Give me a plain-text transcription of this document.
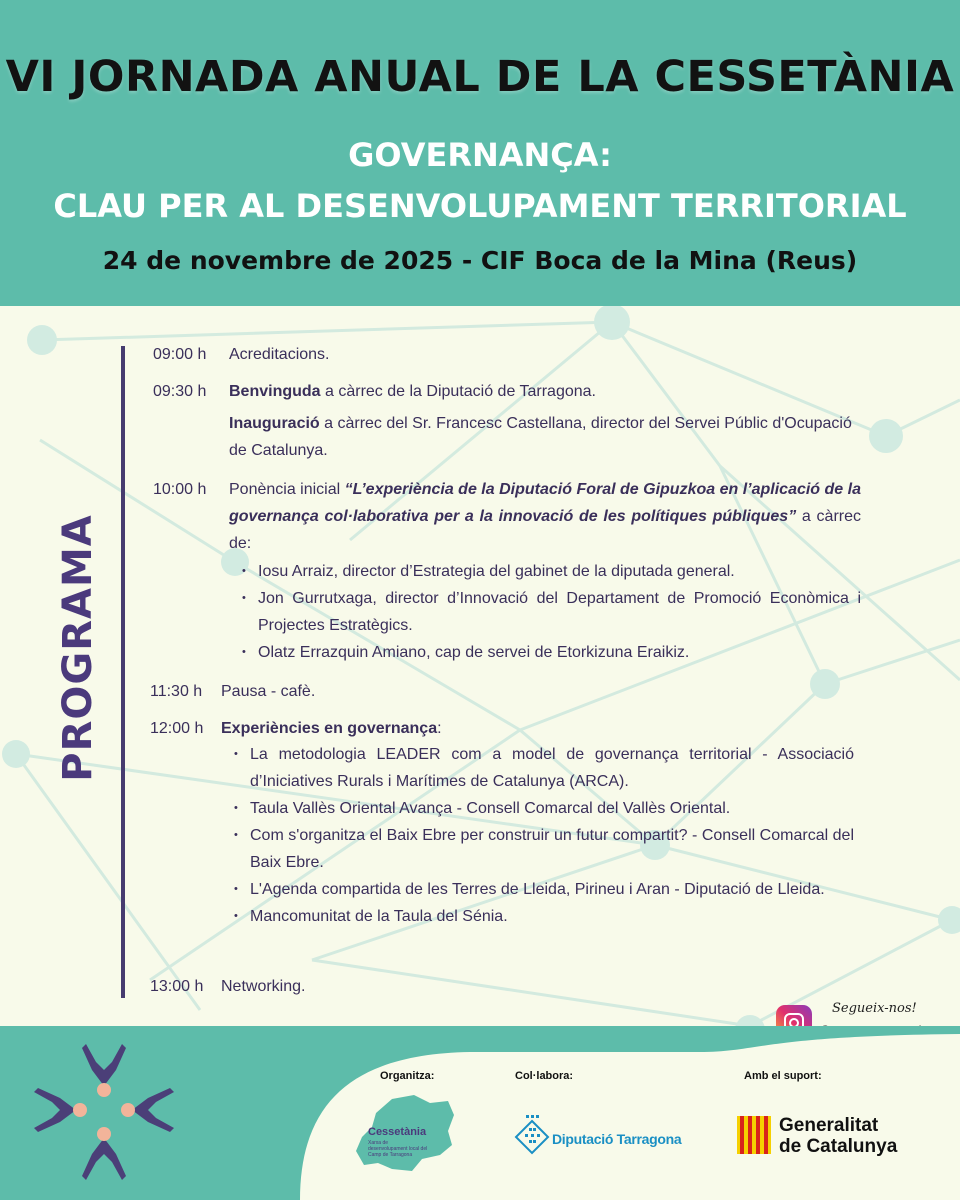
VI JORNADA ANUAL DE LA CESSETÀNIA
GOVERNANÇA:
CLAU PER AL DESENVOLUPAMENT TERRITORIAL
24 de novembre de 2025 - CIF Boca de la Mina (Reus)
PROGRAMA
09:00 h	Acreditacions.
09:30 h	Benvinguda a càrrec de la Diputació de Tarragona.
Inauguració a càrrec del Sr. Francesc Castellana, director del Servei Públic d'Ocupació de Catalunya.
10:00 h	Ponència inicial “L’experiència de la Diputació Foral de Gipuzkoa en l’aplicació de la governança col·laborativa per a la innovació de les polítiques públiques” a càrrec de:
• Iosu Arraiz, director d’Estrategia del gabinet de la diputada general.
• Jon Gurrutxaga, director d’Innovació del Departament de Promoció Econòmica i Projectes Estratègics.
• Olatz Errazquin Amiano, cap de servei de Etorkizuna Eraikiz.
11:30 h	Pausa - cafè.
12:00 h	Experiències en governança:
• La metodologia LEADER com a model de governança territorial - Associació d’Iniciatives Rurals i Marítimes de Catalunya (ARCA).
• Taula Vallès Oriental Avança - Consell Comarcal del Vallès Oriental.
• Com s'organitza el Baix Ebre per construir un futur compartit? - Consell Comarcal del Baix Ebre.
• L'Agenda compartida de les Terres de Lleida, Pirineu i Aran - Diputació de Lleida.
• Mancomunitat de la Taula del Sénia.
13:00 h	Networking.
Segueix-nos!
Organitza:	Col·labora:	Amb el suport:
Cessetània
Xarxa de desenvolupament local del Camp de Tarragona
Diputació Tarragona
Generalitat
de Catalunya
